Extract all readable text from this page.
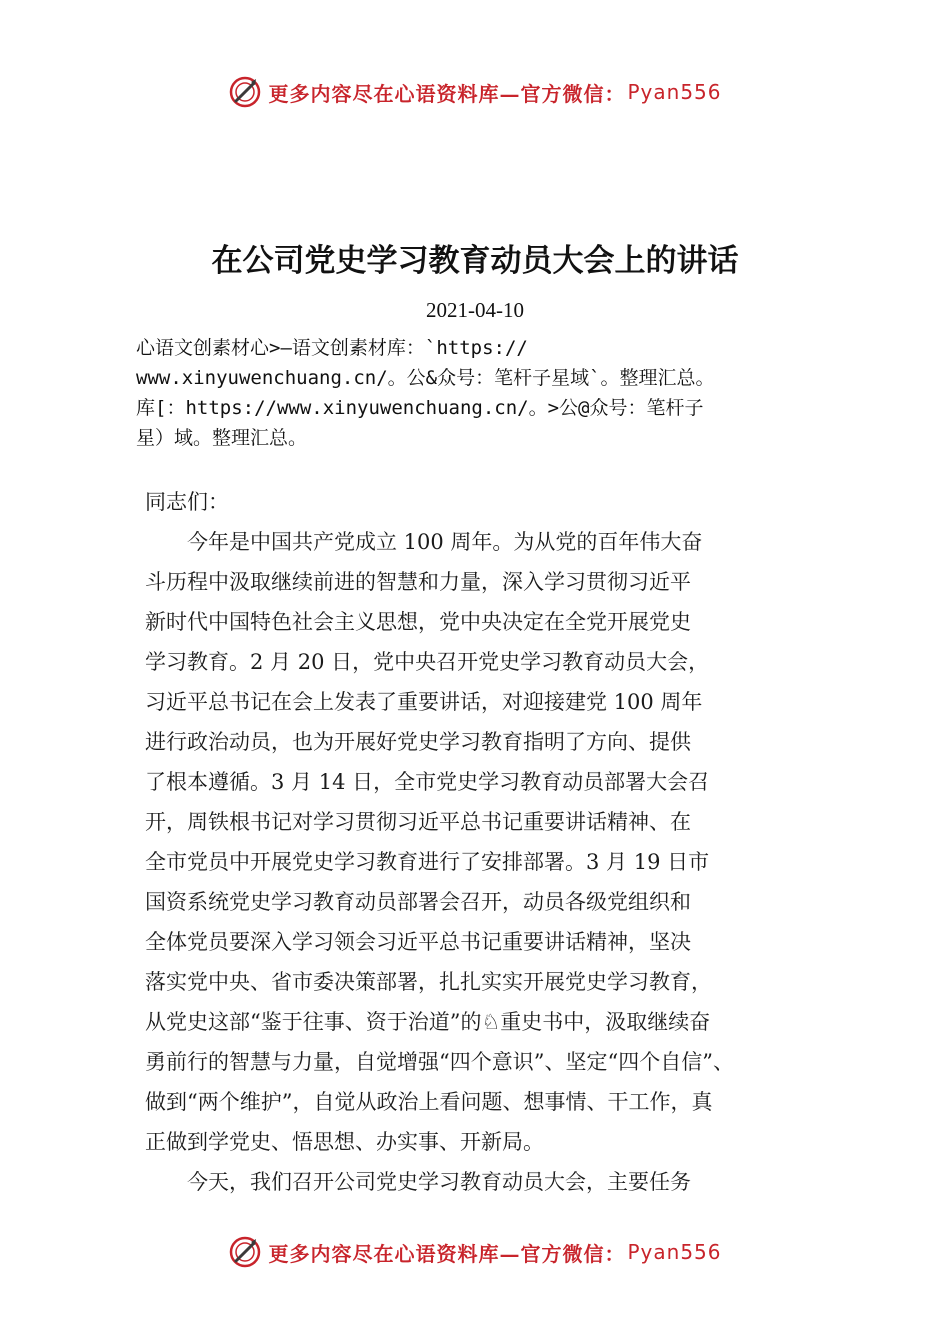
更多内容尽在心语资料库—官方微信： Pyan556
在公司党史学习教育动员大会上的讲话
2021-04-10
心语文创素材心>—语文创素材库：`https://
www.xinyuwenchuang.cn/。公&众号：笔杆子星域`。整理汇总。
库[：https://www.xinyuwenchuang.cn/。>公@众号：笔杆子
星）域。整理汇总。
同志们：
今年是中国共产党成立 100 周年。为从党的百年伟大奋
斗历程中汲取继续前进的智慧和力量，深入学习贯彻习近平
新时代中国特色社会主义思想，党中央决定在全党开展党史
学习教育。2 月 20 日，党中央召开党史学习教育动员大会，
习近平总书记在会上发表了重要讲话，对迎接建党 100 周年
进行政治动员，也为开展好党史学习教育指明了方向、提供
了根本遵循。3 月 14 日，全市党史学习教育动员部署大会召
开，周铁根书记对学习贯彻习近平总书记重要讲话精神、在
全市党员中开展党史学习教育进行了安排部署。3 月 19 日市
国资系统党史学习教育动员部署会召开，动员各级党组织和
全体党员要深入学习领会习近平总书记重要讲话精神，坚决
落实党中央、省市委决策部署，扎扎实实开展党史学习教育，
从党史这部“鉴于往事、资于治道”的♘重史书中，汲取继续奋
勇前行的智慧与力量，自觉增强“四个意识”、坚定“四个自信”、
做到“两个维护”，自觉从政治上看问题、想事情、干工作，真
正做到学党史、悟思想、办实事、开新局。
今天，我们召开公司党史学习教育动员大会，主要任务
更多内容尽在心语资料库—官方微信： Pyan556
